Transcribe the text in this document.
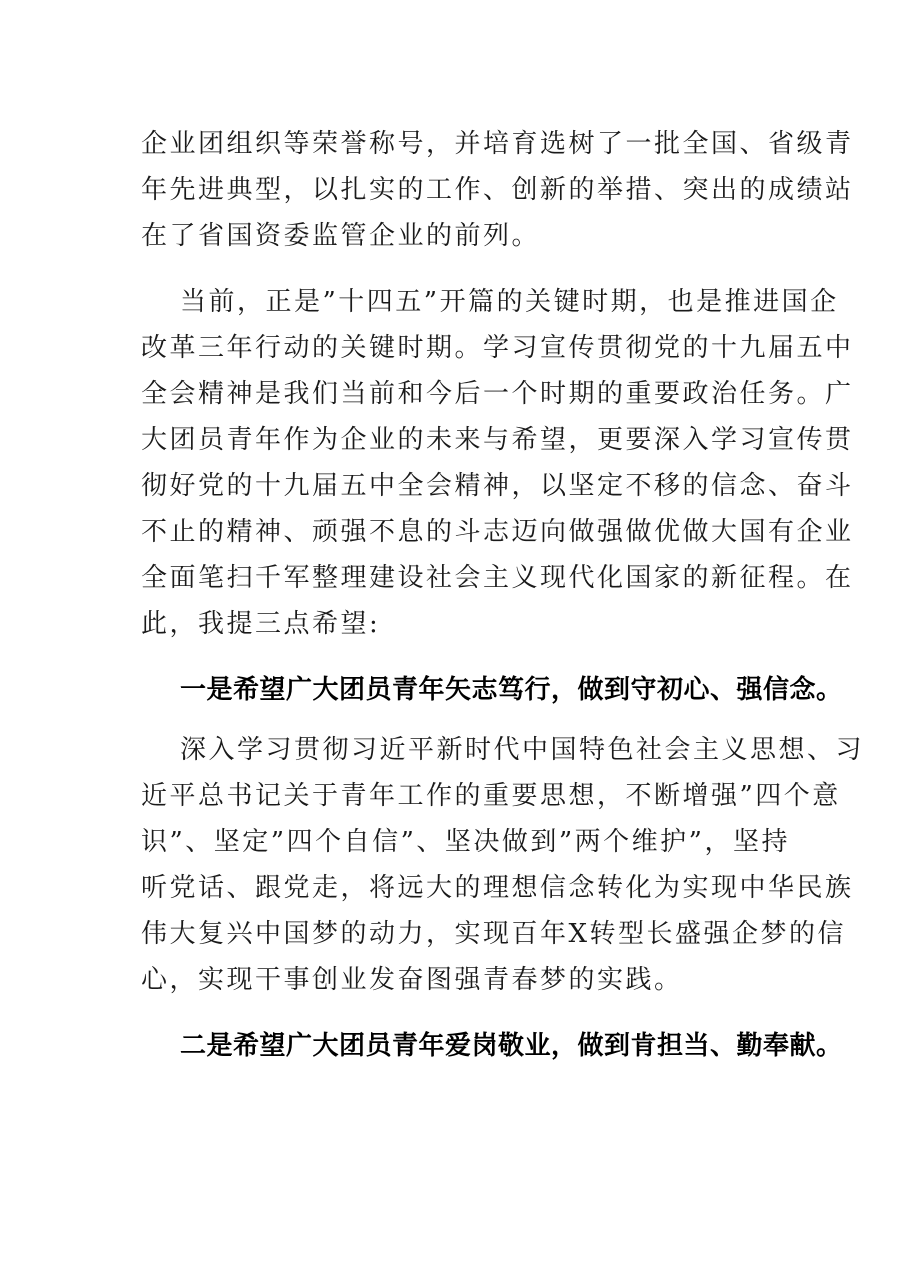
企业团组织等荣誉称号，并培育选树了一批全国、省级青
年先进典型，以扎实的工作、创新的举措、突出的成绩站
在了省国资委监管企业的前列。
当前，正是”十四五”开篇的关键时期，也是推进国企
改革三年行动的关键时期。学习宣传贯彻党的十九届五中
全会精神是我们当前和今后一个时期的重要政治任务。广
大团员青年作为企业的未来与希望，更要深入学习宣传贯
彻好党的十九届五中全会精神，以坚定不移的信念、奋斗
不止的精神、顽强不息的斗志迈向做强做优做大国有企业
全面笔扫千军整理建设社会主义现代化国家的新征程。在
此，我提三点希望:
一是希望广大团员青年矢志笃行，做到守初心、强信念。
深入学习贯彻习近平新时代中国特色社会主义思想、习
近平总书记关于青年工作的重要思想，不断增强”四个意
识”、坚定”四个自信”、坚决做到”两个维护”，坚持
听党话、跟党走，将远大的理想信念转化为实现中华民族
伟大复兴中国梦的动力，实现百年X转型长盛强企梦的信
心，实现干事创业发奋图强青春梦的实践。
二是希望广大团员青年爱岗敬业，做到肯担当、勤奉献。
